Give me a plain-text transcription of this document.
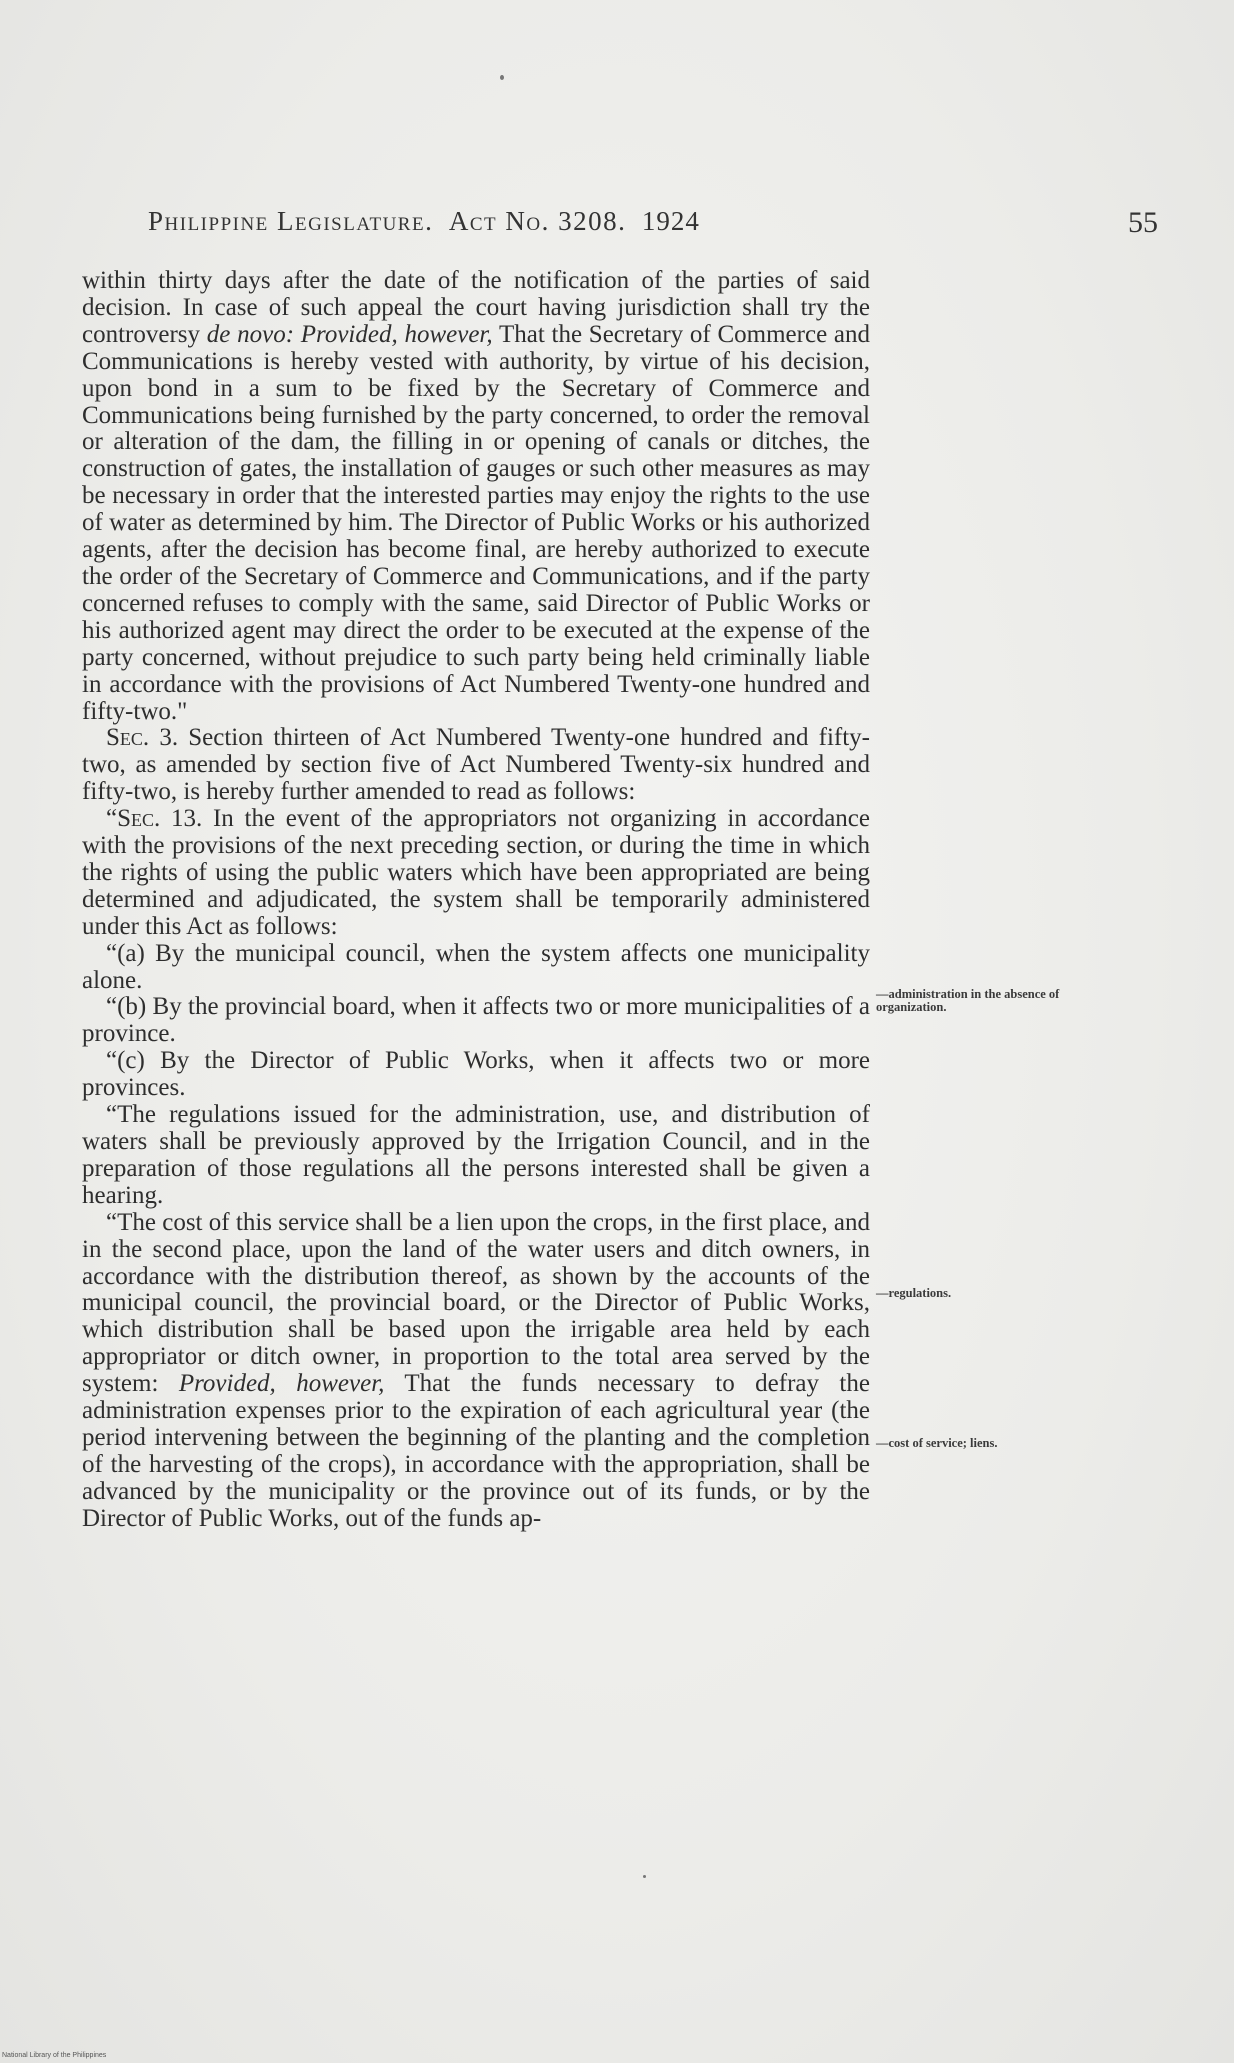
Philippine Legislature. Act No. 3208. 1924	55

within thirty days after the date of the notification of the parties of said decision. In case of such appeal the court having jurisdiction shall try the controversy de novo: Provided, however, That the Secretary of Commerce and Communications is hereby vested with authority, by virtue of his decision, upon bond in a sum to be fixed by the Secretary of Commerce and Communications being furnished by the party concerned, to order the removal or alteration of the dam, the filling in or opening of canals or ditches, the construction of gates, the installation of gauges or such other measures as may be necessary in order that the interested parties may enjoy the rights to the use of water as determined by him. The Director of Public Works or his authorized agents, after the decision has become final, are hereby authorized to execute the order of the Secretary of Commerce and Communications, and if the party concerned refuses to comply with the same, said Director of Public Works or his authorized agent may direct the order to be executed at the expense of the party concerned, without prejudice to such party being held criminally liable in accordance with the provisions of Act Numbered Twenty-one hundred and fifty-two."

Sec. 3. Section thirteen of Act Numbered Twenty-one hundred and fifty-two, as amended by section five of Act Numbered Twenty-six hundred and fifty-two, is hereby further amended to read as follows:

“Sec. 13. In the event of the appropriators not organizing in accordance with the provisions of the next preceding section, or during the time in which the rights of using the public waters which have been appropriated are being determined and adjudicated, the system shall be temporarily administered under this Act as follows:

“(a) By the municipal council, when the system affects one municipality alone.

“(b) By the provincial board, when it affects two or more municipalities of a province.

“(c) By the Director of Public Works, when it affects two or more provinces.

“The regulations issued for the administration, use, and distribution of waters shall be previously approved by the Irrigation Council, and in the preparation of those regulations all the persons interested shall be given a hearing.

“The cost of this service shall be a lien upon the crops, in the first place, and in the second place, upon the land of the water users and ditch owners, in accordance with the distribution thereof, as shown by the accounts of the municipal council, the provincial board, or the Director of Public Works, which distribution shall be based upon the irrigable area held by each appropriator or ditch owner, in proportion to the total area served by the system: Provided, however, That the funds necessary to defray the administration expenses prior to the expiration of each agricultural year (the period intervening between the beginning of the planting and the completion of the harvesting of the crops), in accordance with the appropriation, shall be advanced by the municipality or the province out of its funds, or by the Director of Public Works, out of the funds ap-

—administration in the absence of organization.
—regulations.
—cost of service; liens.
National Library of the Philippines
